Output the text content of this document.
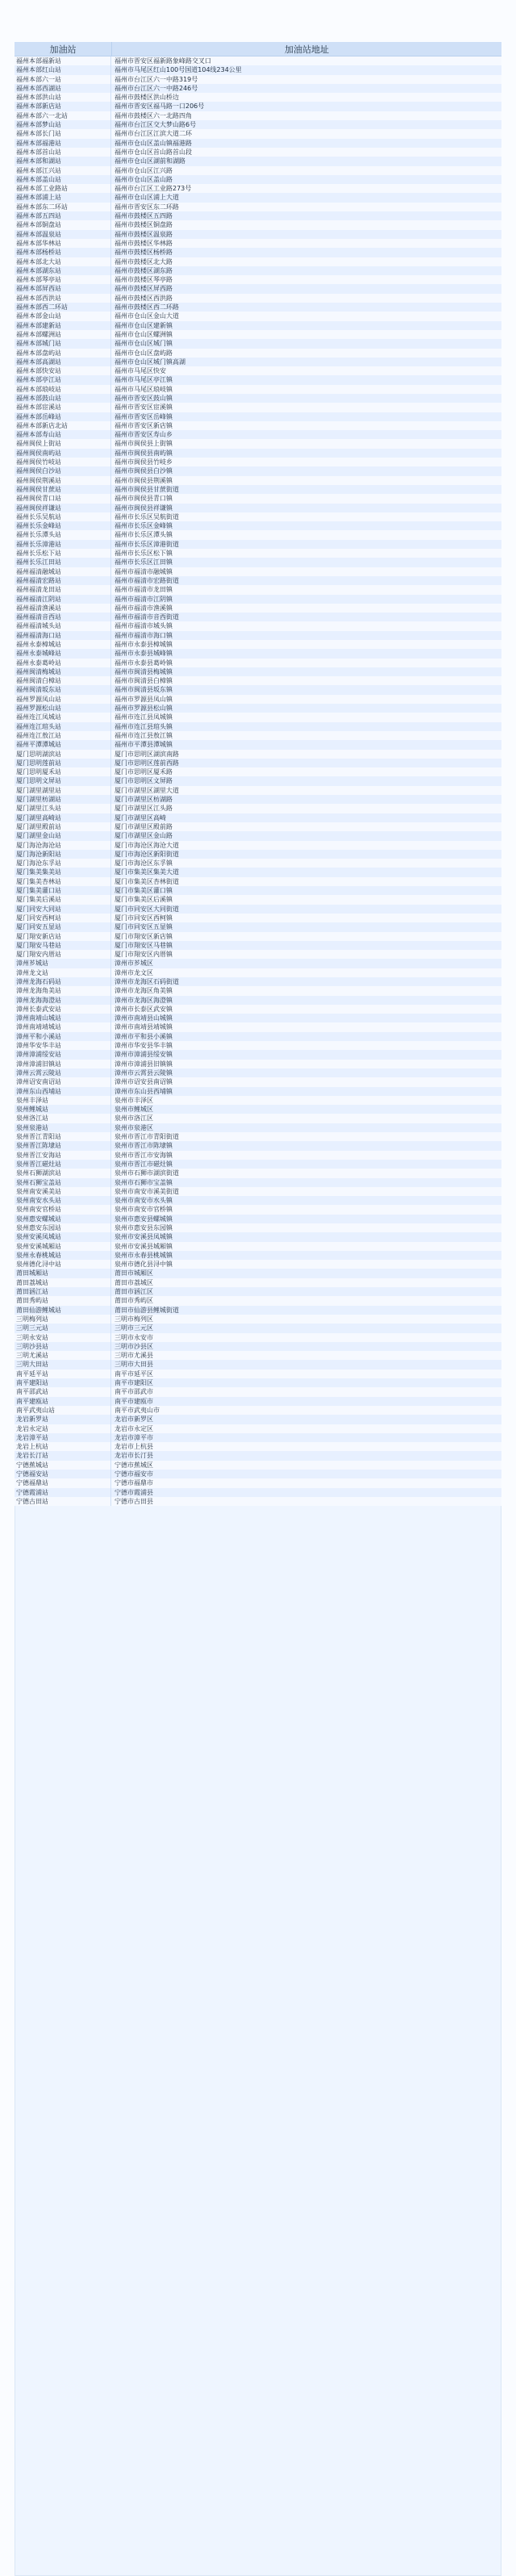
加油站	加油站地址
福州本部福新站	福州市晋安区福新路象峰路交叉口
福州本部红山站	福州市马尾区红山100号国道104线234公里
福州本部六一站	福州市台江区六一中路319号
福州本部西湖站	福州市台江区六一中路246号
福州本部洪山站	福州市鼓楼区洪山桥边
福州本部新店站	福州市晋安区福马路一口206号
福州本部六一北站	福州市鼓楼区六一北路四角
福州本部梦山站	福州市台江区交大梦山路6号
福州本部长门站	福州市台江区江滨大道二环
福州本部福港站	福州市仓山区盖山镇福港路
福州本部首山站	福州市仓山区首山路首山段
福州本部和湖站	福州市仓山区湖前和湖路
福州本部江兴站	福州市仓山区江兴路
福州本部盖山站	福州市仓山区盖山路
福州本部工业路站	福州市台江区工业路273号
福州本部浦上站	福州市仓山区浦上大道
福州本部东二环站	福州市晋安区东二环路
福州本部五四站	福州市鼓楼区五四路
福州本部铜盘站	福州市鼓楼区铜盘路
福州本部温泉站	福州市鼓楼区温泉路
福州本部华林站	福州市鼓楼区华林路
福州本部杨桥站	福州市鼓楼区杨桥路
福州本部北大站	福州市鼓楼区北大路
福州本部湖东站	福州市鼓楼区湖东路
福州本部琴亭站	福州市鼓楼区琴亭路
福州本部屏西站	福州市鼓楼区屏西路
福州本部西洪站	福州市鼓楼区西洪路
福州本部西二环站	福州市鼓楼区西二环路
福州本部金山站	福州市仓山区金山大道
福州本部建新站	福州市仓山区建新镇
福州本部螺洲站	福州市仓山区螺洲镇
福州本部城门站	福州市仓山区城门镇
福州本部盘屿站	福州市仓山区盘屿路
福州本部高湖站	福州市仓山区城门镇高湖
福州本部快安站	福州市马尾区快安
福州本部亭江站	福州市马尾区亭江镇
福州本部琅岐站	福州市马尾区琅岐镇
福州本部鼓山站	福州市晋安区鼓山镇
福州本部宦溪站	福州市晋安区宦溪镇
福州本部岳峰站	福州市晋安区岳峰镇
福州本部新店北站	福州市晋安区新店镇
福州本部寿山站	福州市晋安区寿山乡
福州闽侯上街站	福州市闽侯县上街镇
福州闽侯南屿站	福州市闽侯县南屿镇
福州闽侯竹岐站	福州市闽侯县竹岐乡
福州闽侯白沙站	福州市闽侯县白沙镇
福州闽侯荆溪站	福州市闽侯县荆溪镇
福州闽侯甘蔗站	福州市闽侯县甘蔗街道
福州闽侯青口站	福州市闽侯县青口镇
福州闽侯祥谦站	福州市闽侯县祥谦镇
福州长乐吴航站	福州市长乐区吴航街道
福州长乐金峰站	福州市长乐区金峰镇
福州长乐潭头站	福州市长乐区潭头镇
福州长乐漳港站	福州市长乐区漳港街道
福州长乐松下站	福州市长乐区松下镇
福州长乐江田站	福州市长乐区江田镇
福州福清融城站	福州市福清市融城镇
福州福清宏路站	福州市福清市宏路街道
福州福清龙田站	福州市福清市龙田镇
福州福清江阴站	福州市福清市江阴镇
福州福清渔溪站	福州市福清市渔溪镇
福州福清音西站	福州市福清市音西街道
福州福清城头站	福州市福清市城头镇
福州福清海口站	福州市福清市海口镇
福州永泰樟城站	福州市永泰县樟城镇
福州永泰城峰站	福州市永泰县城峰镇
福州永泰葛岭站	福州市永泰县葛岭镇
福州闽清梅城站	福州市闽清县梅城镇
福州闽清白樟站	福州市闽清县白樟镇
福州闽清坂东站	福州市闽清县坂东镇
福州罗源凤山站	福州市罗源县凤山镇
福州罗源松山站	福州市罗源县松山镇
福州连江凤城站	福州市连江县凤城镇
福州连江琯头站	福州市连江县琯头镇
福州连江敖江站	福州市连江县敖江镇
福州平潭潭城站	福州市平潭县潭城镇
厦门思明湖滨站	厦门市思明区湖滨南路
厦门思明莲前站	厦门市思明区莲前西路
厦门思明厦禾站	厦门市思明区厦禾路
厦门思明文屏站	厦门市思明区文屏路
厦门湖里湖里站	厦门市湖里区湖里大道
厦门湖里枋湖站	厦门市湖里区枋湖路
厦门湖里江头站	厦门市湖里区江头路
厦门湖里高崎站	厦门市湖里区高崎
厦门湖里殿前站	厦门市湖里区殿前路
厦门湖里金山站	厦门市湖里区金山路
厦门海沧海沧站	厦门市海沧区海沧大道
厦门海沧新阳站	厦门市海沧区新阳街道
厦门海沧东孚站	厦门市海沧区东孚镇
厦门集美集美站	厦门市集美区集美大道
厦门集美杏林站	厦门市集美区杏林街道
厦门集美灌口站	厦门市集美区灌口镇
厦门集美后溪站	厦门市集美区后溪镇
厦门同安大同站	厦门市同安区大同街道
厦门同安西柯站	厦门市同安区西柯镇
厦门同安五显站	厦门市同安区五显镇
厦门翔安新店站	厦门市翔安区新店镇
厦门翔安马巷站	厦门市翔安区马巷镇
厦门翔安内厝站	厦门市翔安区内厝镇
漳州芗城站	漳州市芗城区
漳州龙文站	漳州市龙文区
漳州龙海石码站	漳州市龙海区石码街道
漳州龙海角美站	漳州市龙海区角美镇
漳州龙海海澄站	漳州市龙海区海澄镇
漳州长泰武安站	漳州市长泰区武安镇
漳州南靖山城站	漳州市南靖县山城镇
漳州南靖靖城站	漳州市南靖县靖城镇
漳州平和小溪站	漳州市平和县小溪镇
漳州华安华丰站	漳州市华安县华丰镇
漳州漳浦绥安站	漳州市漳浦县绥安镇
漳州漳浦旧镇站	漳州市漳浦县旧镇镇
漳州云霄云陵站	漳州市云霄县云陵镇
漳州诏安南诏站	漳州市诏安县南诏镇
漳州东山西埔站	漳州市东山县西埔镇
泉州丰泽站	泉州市丰泽区
泉州鲤城站	泉州市鲤城区
泉州洛江站	泉州市洛江区
泉州泉港站	泉州市泉港区
泉州晋江青阳站	泉州市晋江市青阳街道
泉州晋江陈埭站	泉州市晋江市陈埭镇
泉州晋江安海站	泉州市晋江市安海镇
泉州晋江磁灶站	泉州市晋江市磁灶镇
泉州石狮湖滨站	泉州市石狮市湖滨街道
泉州石狮宝盖站	泉州市石狮市宝盖镇
泉州南安溪美站	泉州市南安市溪美街道
泉州南安水头站	泉州市南安市水头镇
泉州南安官桥站	泉州市南安市官桥镇
泉州惠安螺城站	泉州市惠安县螺城镇
泉州惠安东园站	泉州市惠安县东园镇
泉州安溪凤城站	泉州市安溪县凤城镇
泉州安溪城厢站	泉州市安溪县城厢镇
泉州永春桃城站	泉州市永春县桃城镇
泉州德化浔中站	泉州市德化县浔中镇
莆田城厢站	莆田市城厢区
莆田荔城站	莆田市荔城区
莆田涵江站	莆田市涵江区
莆田秀屿站	莆田市秀屿区
莆田仙游鲤城站	莆田市仙游县鲤城街道
三明梅列站	三明市梅列区
三明三元站	三明市三元区
三明永安站	三明市永安市
三明沙县站	三明市沙县区
三明尤溪站	三明市尤溪县
三明大田站	三明市大田县
南平延平站	南平市延平区
南平建阳站	南平市建阳区
南平邵武站	南平市邵武市
南平建瓯站	南平市建瓯市
南平武夷山站	南平市武夷山市
龙岩新罗站	龙岩市新罗区
龙岩永定站	龙岩市永定区
龙岩漳平站	龙岩市漳平市
龙岩上杭站	龙岩市上杭县
龙岩长汀站	龙岩市长汀县
宁德蕉城站	宁德市蕉城区
宁德福安站	宁德市福安市
宁德福鼎站	宁德市福鼎市
宁德霞浦站	宁德市霞浦县
宁德古田站	宁德市古田县
